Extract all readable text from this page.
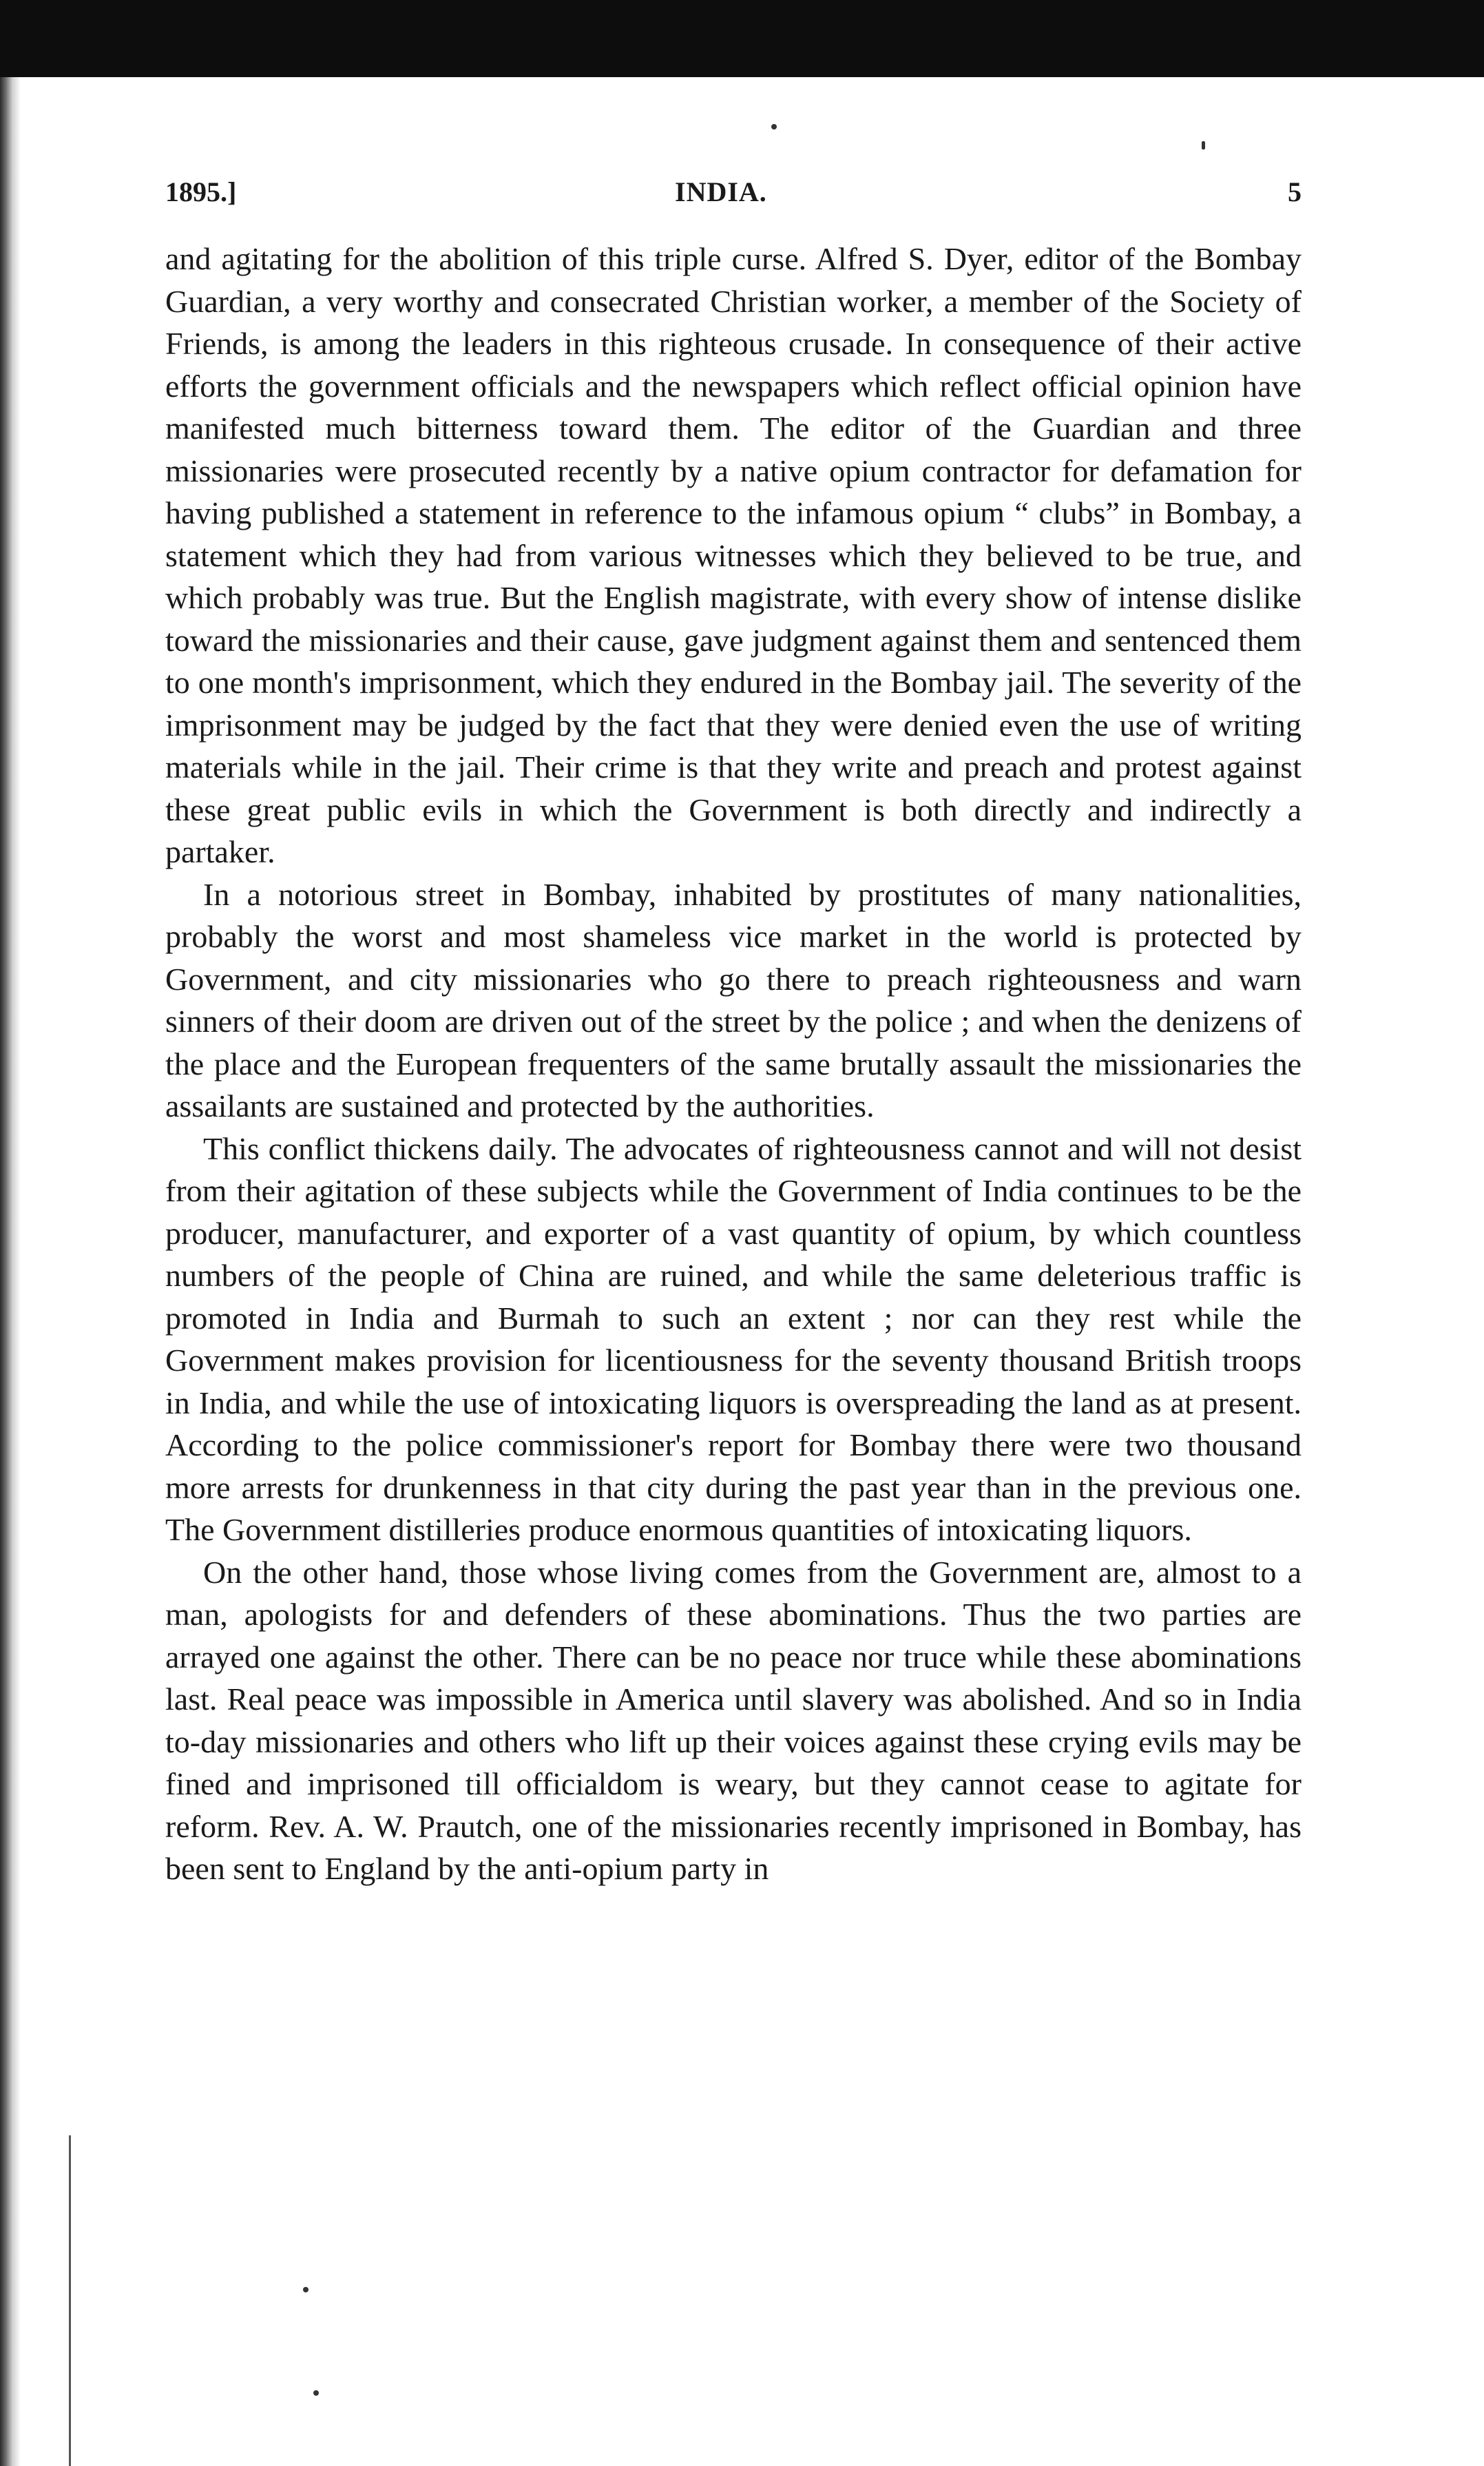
1895.]	INDIA.	5

and agitating for the abolition of this triple curse. Alfred S. Dyer, editor of the Bombay Guardian, a very worthy and consecrated Christian worker, a member of the Society of Friends, is among the leaders in this righteous crusade. In consequence of their active efforts the government officials and the newspapers which reflect official opinion have manifested much bitterness toward them. The editor of the Guardian and three missionaries were prosecuted recently by a native opium contractor for defamation for having published a statement in reference to the infamous opium “ clubs” in Bombay, a statement which they had from various witnesses which they believed to be true, and which probably was true. But the English magistrate, with every show of intense dislike toward the missionaries and their cause, gave judgment against them and sentenced them to one month's imprisonment, which they endured in the Bombay jail. The severity of the imprisonment may be judged by the fact that they were denied even the use of writing materials while in the jail. Their crime is that they write and preach and protest against these great public evils in which the Government is both directly and indirectly a partaker.

In a notorious street in Bombay, inhabited by prostitutes of many nationalities, probably the worst and most shameless vice market in the world is protected by Government, and city missionaries who go there to preach righteousness and warn sinners of their doom are driven out of the street by the police ; and when the denizens of the place and the European frequenters of the same brutally assault the missionaries the assailants are sustained and protected by the authorities.

This conflict thickens daily. The advocates of righteousness cannot and will not desist from their agitation of these subjects while the Government of India continues to be the producer, manufacturer, and exporter of a vast quantity of opium, by which countless numbers of the people of China are ruined, and while the same deleterious traffic is promoted in India and Burmah to such an extent ; nor can they rest while the Government makes provision for licentiousness for the seventy thousand British troops in India, and while the use of intoxicating liquors is overspreading the land as at present. According to the police commissioner's report for Bombay there were two thousand more arrests for drunkenness in that city during the past year than in the previous one. The Government distilleries produce enormous quantities of intoxicating liquors.

On the other hand, those whose living comes from the Government are, almost to a man, apologists for and defenders of these abominations. Thus the two parties are arrayed one against the other. There can be no peace nor truce while these abominations last. Real peace was impossible in America until slavery was abolished. And so in India to-day missionaries and others who lift up their voices against these crying evils may be fined and imprisoned till officialdom is weary, but they cannot cease to agitate for reform. Rev. A. W. Prautch, one of the missionaries recently imprisoned in Bombay, has been sent to England by the anti-opium party in
